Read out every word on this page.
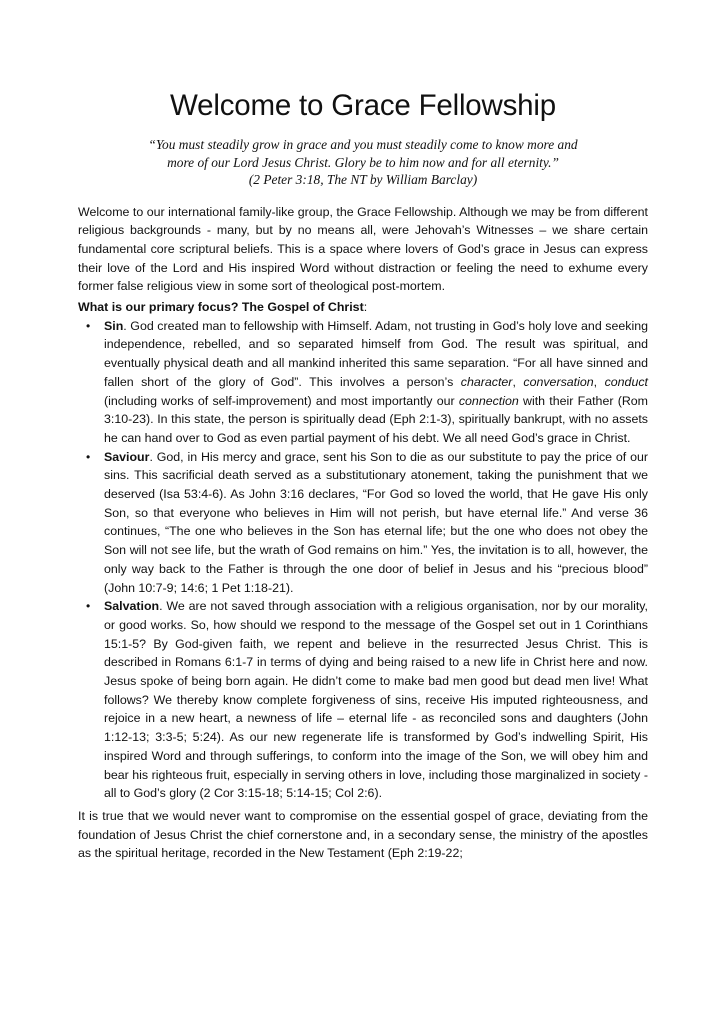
Welcome to Grace Fellowship
“You must steadily grow in grace and you must steadily come to know more and
more of our Lord Jesus Christ. Glory be to him now and for all eternity.”
(2 Peter 3:18, The NT by William Barclay)

Welcome to our international family-like group, the Grace Fellowship. Although we may be from different religious backgrounds - many, but by no means all, were Jehovah’s Witnesses – we share certain fundamental core scriptural beliefs. This is a space where lovers of God’s grace in Jesus can express their love of the Lord and His inspired Word without distraction or feeling the need to exhume every former false religious view in some sort of theological post-mortem.

What is our primary focus? The Gospel of Christ:

• Sin. God created man to fellowship with Himself. Adam, not trusting in God’s holy love and seeking independence, rebelled, and so separated himself from God. The result was spiritual, and eventually physical death and all mankind inherited this same separation. “For all have sinned and fallen short of the glory of God”. This involves a person’s character, conversation, conduct (including works of self-improvement) and most importantly our connection with their Father (Rom 3:10-23). In this state, the person is spiritually dead (Eph 2:1-3), spiritually bankrupt, with no assets he can hand over to God as even partial payment of his debt. We all need God’s grace in Christ.

• Saviour. God, in His mercy and grace, sent his Son to die as our substitute to pay the price of our sins. This sacrificial death served as a substitutionary atonement, taking the punishment that we deserved (Isa 53:4-6). As John 3:16 declares, “For God so loved the world, that He gave His only Son, so that everyone who believes in Him will not perish, but have eternal life.” And verse 36 continues, “The one who believes in the Son has eternal life; but the one who does not obey the Son will not see life, but the wrath of God remains on him.” Yes, the invitation is to all, however, the only way back to the Father is through the one door of belief in Jesus and his “precious blood” (John 10:7-9; 14:6; 1 Pet 1:18-21).

• Salvation. We are not saved through association with a religious organisation, nor by our morality, or good works. So, how should we respond to the message of the Gospel set out in 1 Corinthians 15:1-5? By God-given faith, we repent and believe in the resurrected Jesus Christ. This is described in Romans 6:1-7 in terms of dying and being raised to a new life in Christ here and now. Jesus spoke of being born again. He didn’t come to make bad men good but dead men live! What follows? We thereby know complete forgiveness of sins, receive His imputed righteousness, and rejoice in a new heart, a newness of life – eternal life - as reconciled sons and daughters (John 1:12-13; 3:3-5; 5:24). As our new regenerate life is transformed by God’s indwelling Spirit, His inspired Word and through sufferings, to conform into the image of the Son, we will obey him and bear his righteous fruit, especially in serving others in love, including those marginalized in society - all to God’s glory (2 Cor 3:15-18; 5:14-15; Col 2:6).

It is true that we would never want to compromise on the essential gospel of grace, deviating from the foundation of Jesus Christ the chief cornerstone and, in a secondary sense, the ministry of the apostles as the spiritual heritage, recorded in the New Testament (Eph 2:19-22;
